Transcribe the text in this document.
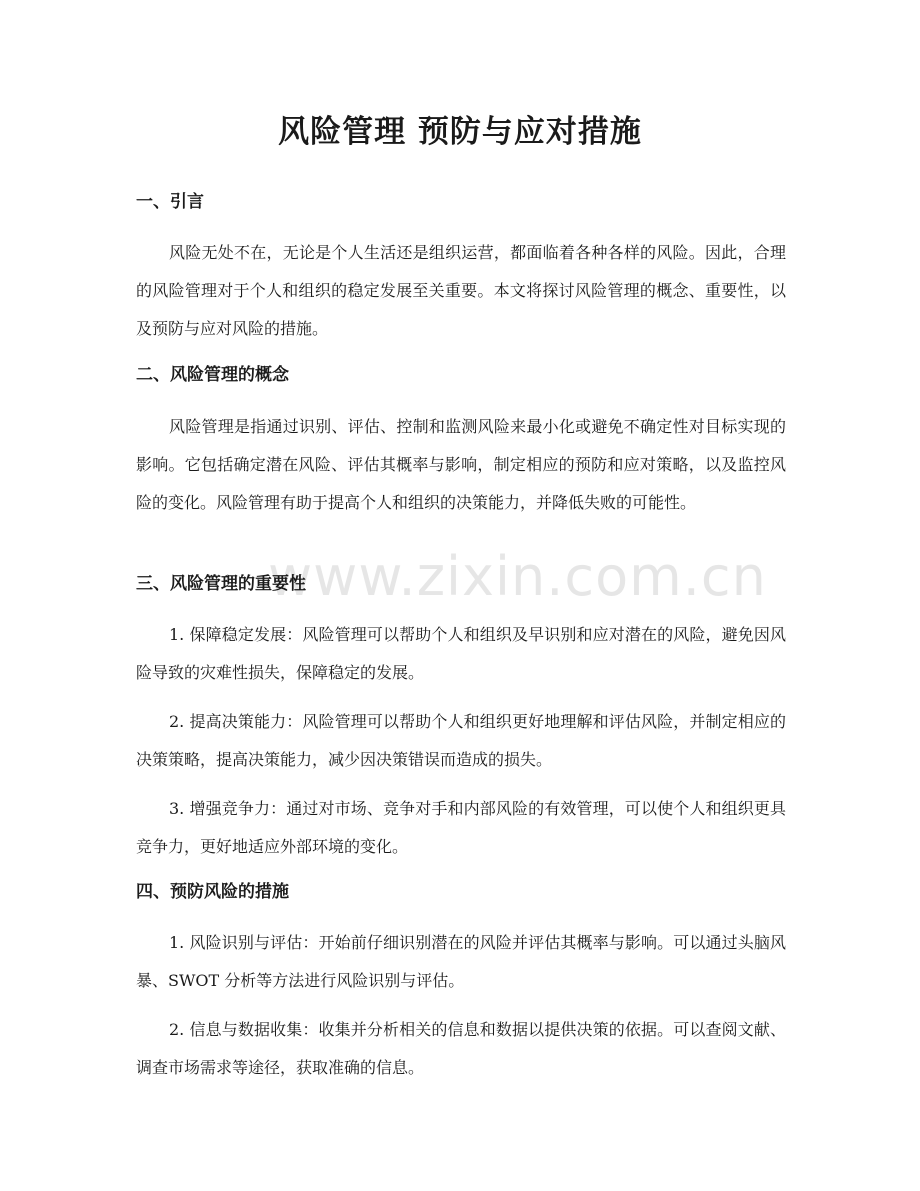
风险管理 预防与应对措施
www.zixin.com.cn
一、引言

风险无处不在，无论是个人生活还是组织运营，都面临着各种各样的风险。因此，合理的风险管理对于个人和组织的稳定发展至关重要。本文将探讨风险管理的概念、重要性，以及预防与应对风险的措施。

二、风险管理的概念

风险管理是指通过识别、评估、控制和监测风险来最小化或避免不确定性对目标实现的影响。它包括确定潜在风险、评估其概率与影响，制定相应的预防和应对策略，以及监控风险的变化。风险管理有助于提高个人和组织的决策能力，并降低失败的可能性。

三、风险管理的重要性

1. 保障稳定发展：风险管理可以帮助个人和组织及早识别和应对潜在的风险，避免因风险导致的灾难性损失，保障稳定的发展。

2. 提高决策能力：风险管理可以帮助个人和组织更好地理解和评估风险，并制定相应的决策策略，提高决策能力，减少因决策错误而造成的损失。

3. 增强竞争力：通过对市场、竞争对手和内部风险的有效管理，可以使个人和组织更具竞争力，更好地适应外部环境的变化。

四、预防风险的措施

1. 风险识别与评估：开始前仔细识别潜在的风险并评估其概率与影响。可以通过头脑风暴、SWOT 分析等方法进行风险识别与评估。

2. 信息与数据收集：收集并分析相关的信息和数据以提供决策的依据。可以查阅文献、调查市场需求等途径，获取准确的信息。
